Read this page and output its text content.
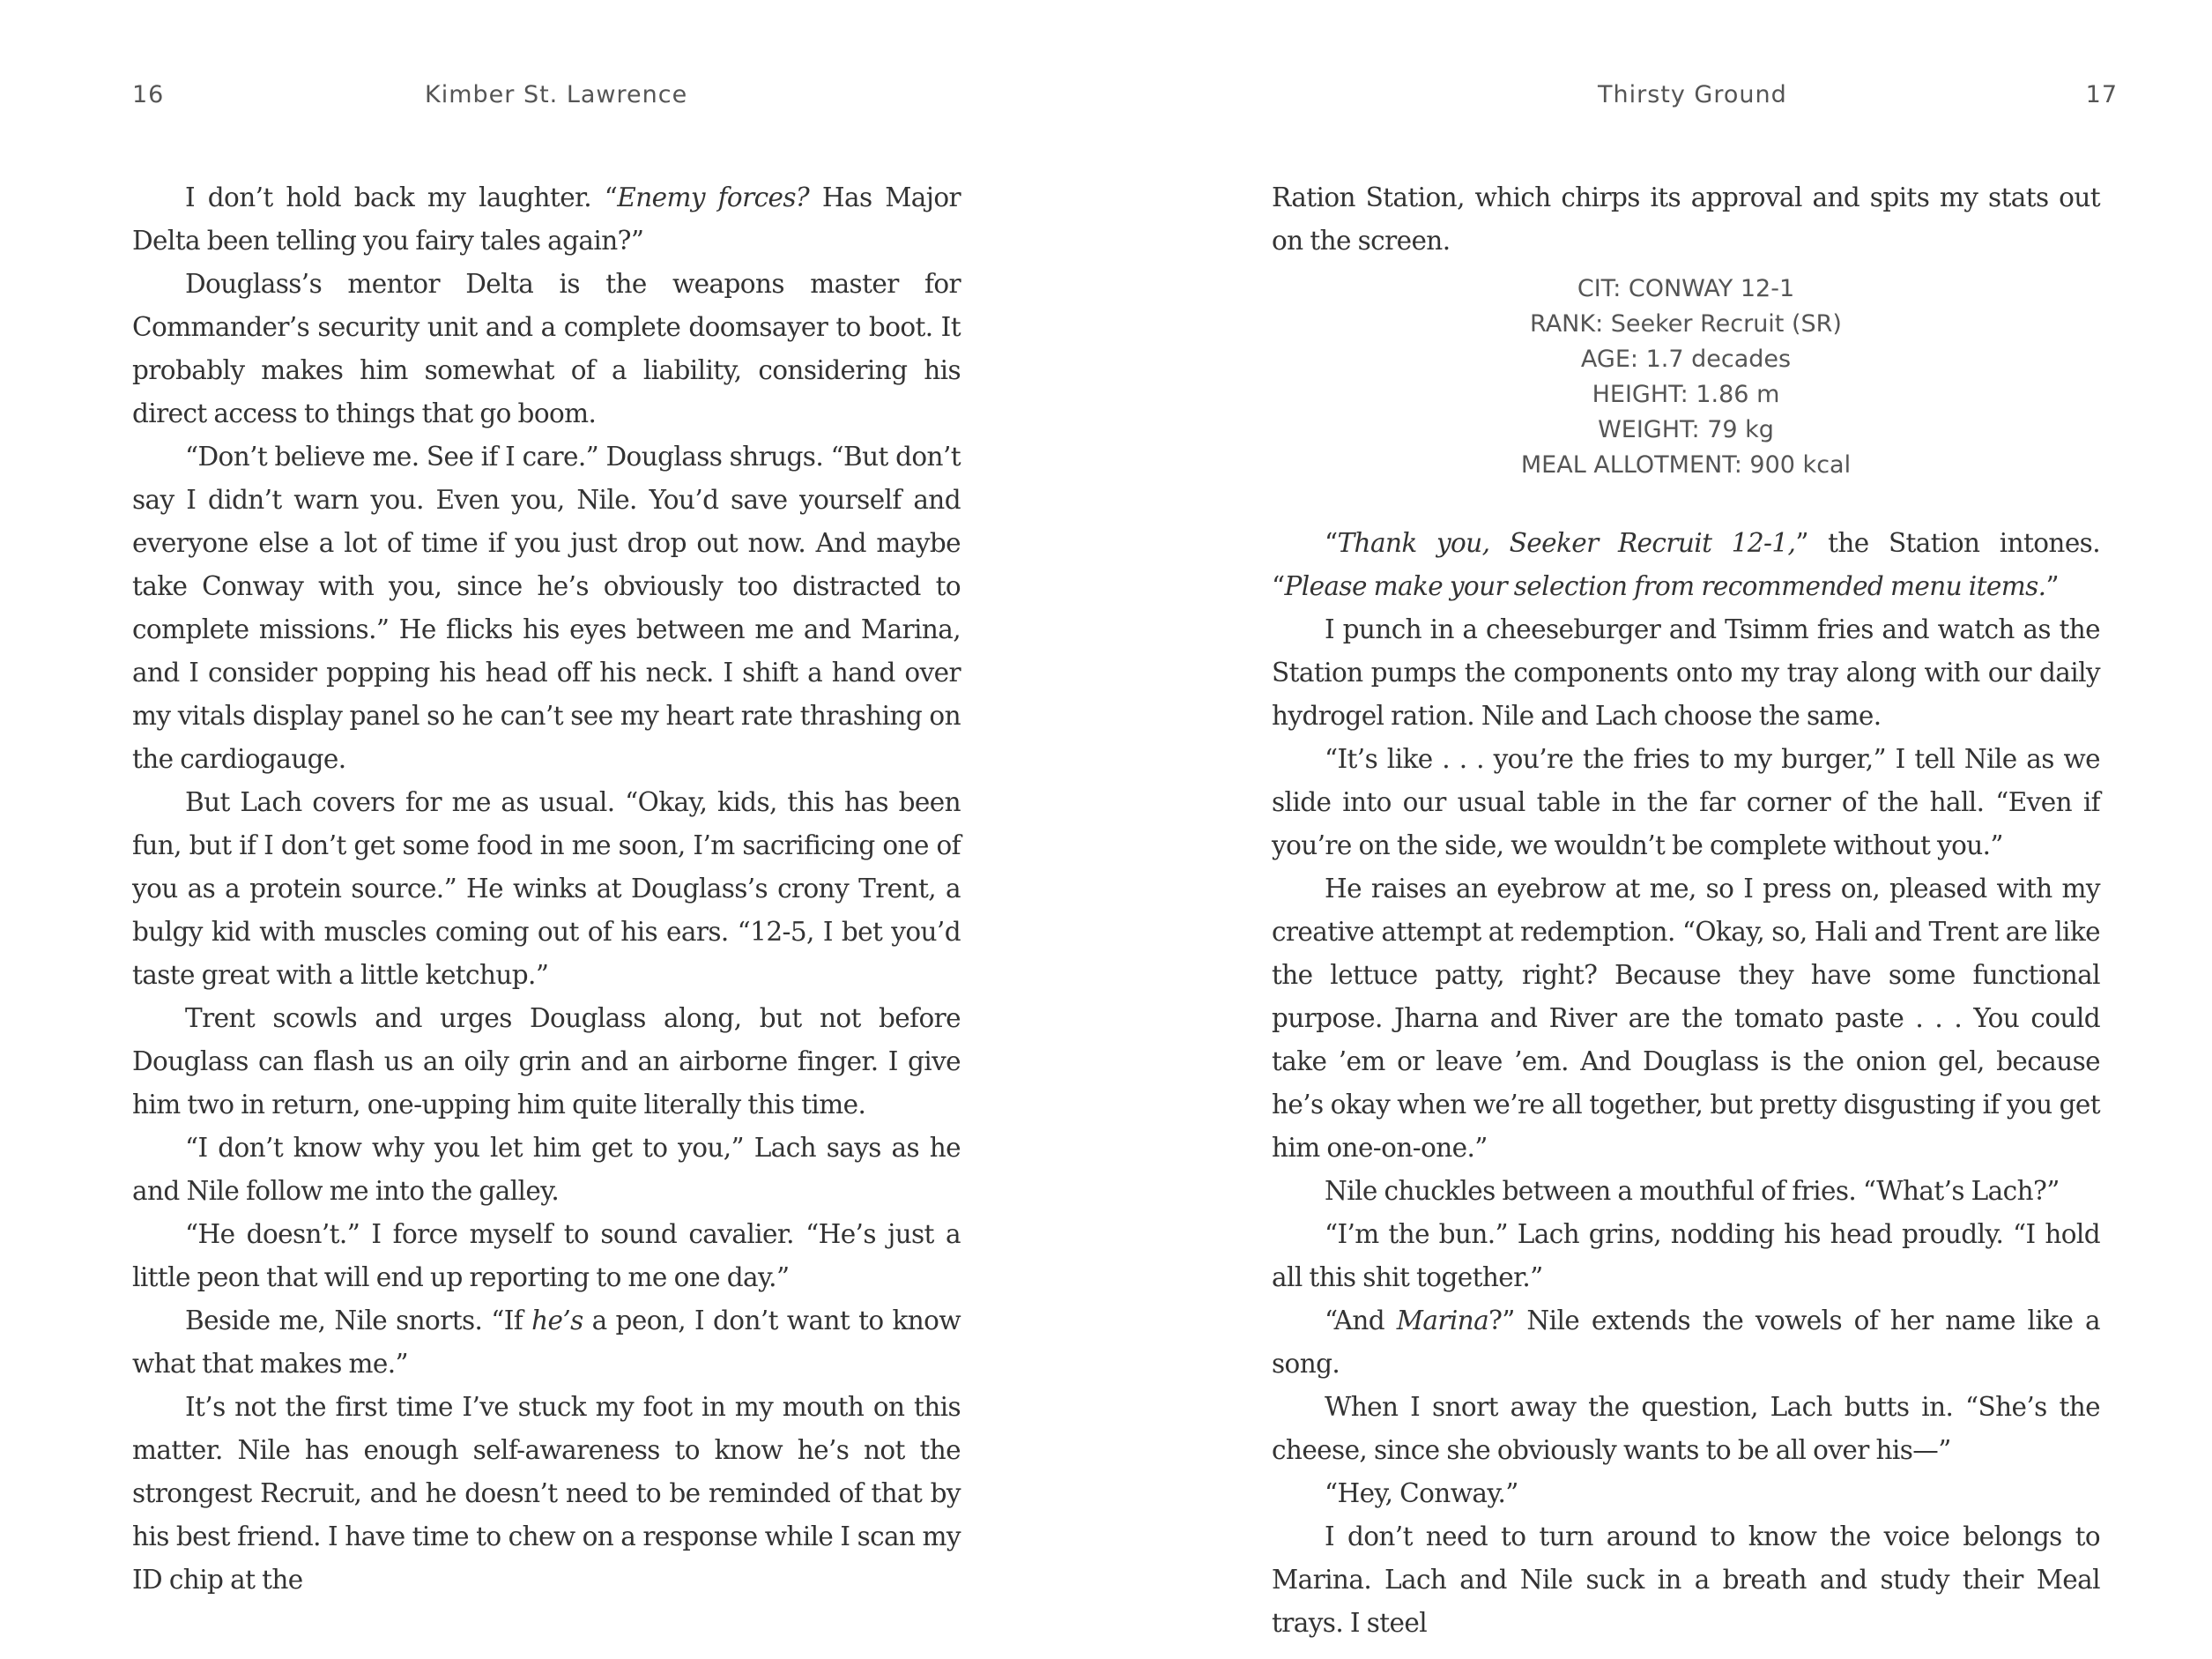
16	Kimber St. Lawrence

I don’t hold back my laughter. “Enemy forces? Has Major Delta been telling you fairy tales again?”

Douglass’s mentor Delta is the weapons master for Commander’s security unit and a complete doomsayer to boot. It probably makes him somewhat of a liability, considering his direct access to things that go boom.

“Don’t believe me. See if I care.” Douglass shrugs. “But don’t say I didn’t warn you. Even you, Nile. You’d save yourself and everyone else a lot of time if you just drop out now. And maybe take Conway with you, since he’s obviously too distracted to complete missions.” He flicks his eyes between me and Marina, and I consider popping his head off his neck. I shift a hand over my vitals display panel so he can’t see my heart rate thrashing on the cardiogauge.

But Lach covers for me as usual. “Okay, kids, this has been fun, but if I don’t get some food in me soon, I’m sacrificing one of you as a protein source.” He winks at Douglass’s crony Trent, a bulgy kid with muscles coming out of his ears. “12-5, I bet you’d taste great with a little ketchup.”

Trent scowls and urges Douglass along, but not before Douglass can flash us an oily grin and an airborne finger. I give him two in return, one-upping him quite literally this time.

“I don’t know why you let him get to you,” Lach says as he and Nile follow me into the galley.

“He doesn’t.” I force myself to sound cavalier. “He’s just a little peon that will end up reporting to me one day.”

Beside me, Nile snorts. “If he’s a peon, I don’t want to know what that makes me.”

It’s not the first time I’ve stuck my foot in my mouth on this matter. Nile has enough self-awareness to know he’s not the strongest Recruit, and he doesn’t need to be reminded of that by his best friend. I have time to chew on a response while I scan my ID chip at the

Thirsty Ground	17

Ration Station, which chirps its approval and spits my stats out on the screen.

CIT: CONWAY 12-1
RANK: Seeker Recruit (SR)
AGE: 1.7 decades
HEIGHT: 1.86 m
WEIGHT: 79 kg
MEAL ALLOTMENT: 900 kcal

“Thank you, Seeker Recruit 12-1,” the Station intones. “Please make your selection from recommended menu items.”

I punch in a cheeseburger and Tsimm fries and watch as the Station pumps the components onto my tray along with our daily hydrogel ration. Nile and Lach choose the same.

“It’s like . . . you’re the fries to my burger,” I tell Nile as we slide into our usual table in the far corner of the hall. “Even if you’re on the side, we wouldn’t be complete without you.”

He raises an eyebrow at me, so I press on, pleased with my creative attempt at redemption. “Okay, so, Hali and Trent are like the lettuce patty, right? Because they have some functional purpose. Jharna and River are the tomato paste . . . You could take ’em or leave ’em. And Douglass is the onion gel, because he’s okay when we’re all together, but pretty disgusting if you get him one-on-one.”

Nile chuckles between a mouthful of fries. “What’s Lach?”

“I’m the bun.” Lach grins, nodding his head proudly. “I hold all this shit together.”

“And Marina?” Nile extends the vowels of her name like a song.

When I snort away the question, Lach butts in. “She’s the cheese, since she obviously wants to be all over his—”

“Hey, Conway.”

I don’t need to turn around to know the voice belongs to Marina. Lach and Nile suck in a breath and study their Meal trays. I steel
